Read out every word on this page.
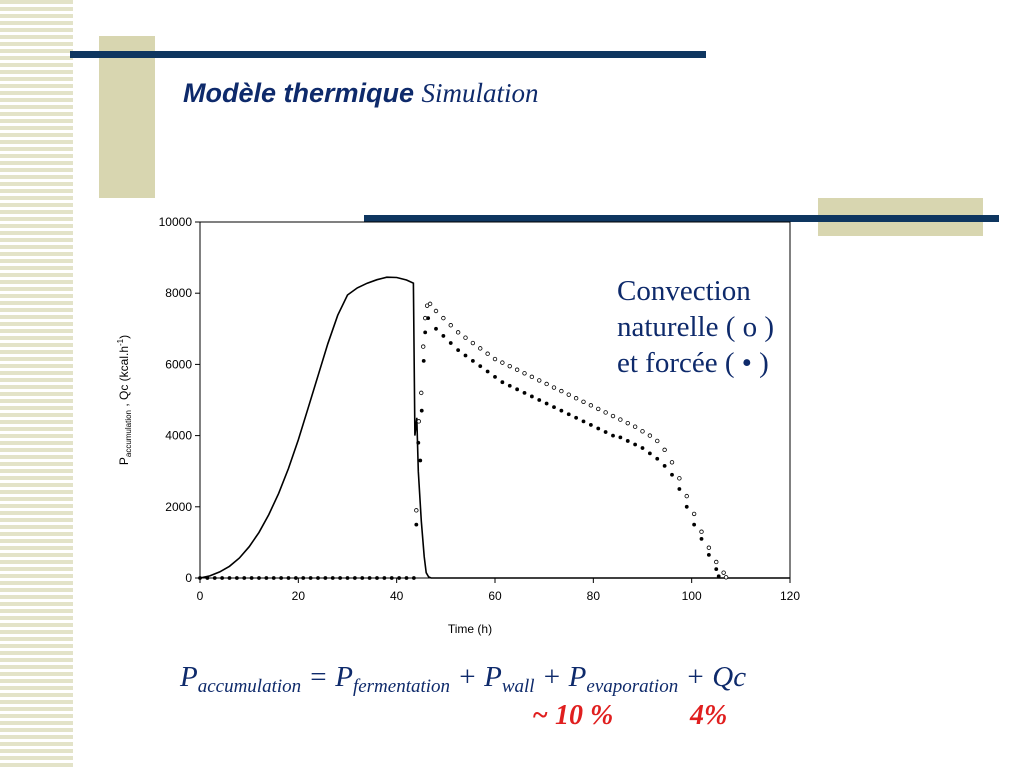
Modèle thermique Simulation
0
2000
4000
6000
8000
10000
0	20	40	60	80	100	120
Time (h)
$P_{accumulation}$ , Qc $(kcal.h^{-1})$
Convection
naturelle ( ο )
et forcée ( • )
$P_{accumulation} = P_{fermentation} + P_{wall} + P_{evaporation} + Qc$
~ 10 %	4%
